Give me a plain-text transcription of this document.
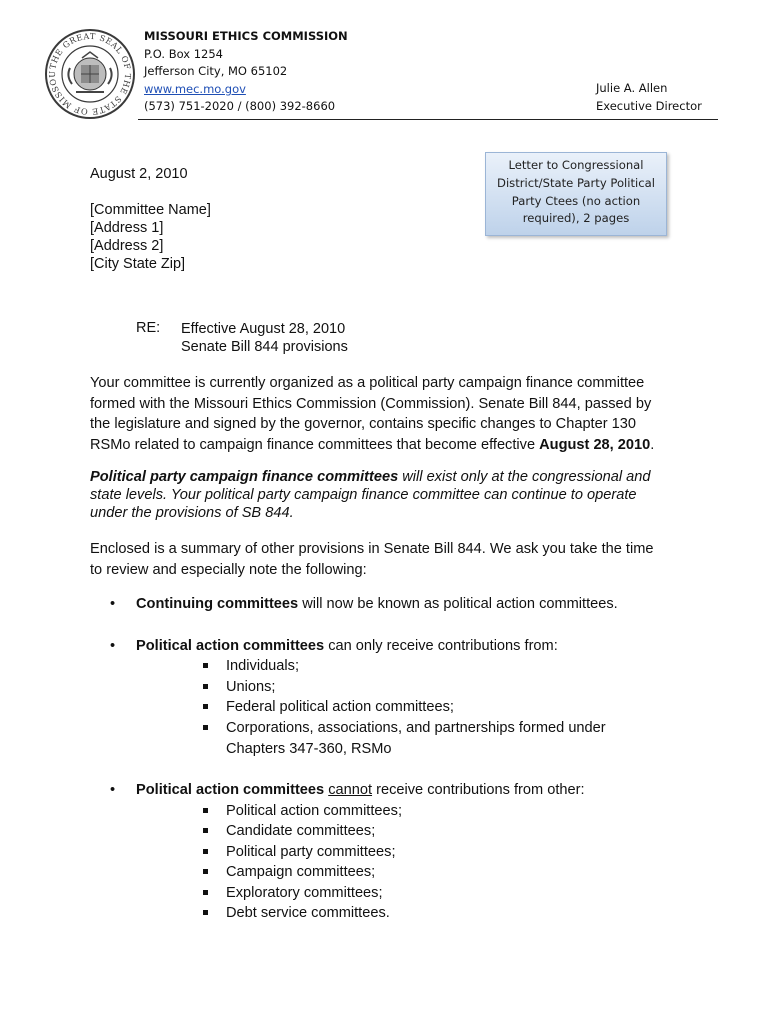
THE GREAT SEAL OF THE STATE OF MISSOU
MISSOURI ETHICS COMMISSION
P.O. Box 1254
Jefferson City, MO 65102
www.mec.mo.gov
(573) 751-2020 / (800) 392-8660
Julie A. Allen
Executive Director
Letter to Congressional
District/State Party Political
Party Ctees (no action
required), 2 pages
August 2, 2010
[Committee Name]
[Address 1]
[Address 2]
[City State Zip]
RE: Effective August 28, 2010
Senate Bill 844 provisions
Your committee is currently organized as a political party campaign finance committee
formed with the Missouri Ethics Commission (Commission). Senate Bill 844, passed by
the legislature and signed by the governor, contains specific changes to Chapter 130
RSMo related to campaign finance committees that become effective August 28, 2010.
Political party campaign finance committees will exist only at the congressional and
state levels. Your political party campaign finance committee can continue to operate
under the provisions of SB 844.
Enclosed is a summary of other provisions in Senate Bill 844. We ask you take the time
to review and especially note the following:
• Continuing committees will now be known as political action committees.
• Political action committees can only receive contributions from:
Individuals;
Unions;
Federal political action committees;
Corporations, associations, and partnerships formed under Chapters 347-360, RSMo
• Political action committees cannot receive contributions from other:
Political action committees;
Candidate committees;
Political party committees;
Campaign committees;
Exploratory committees;
Debt service committees.
